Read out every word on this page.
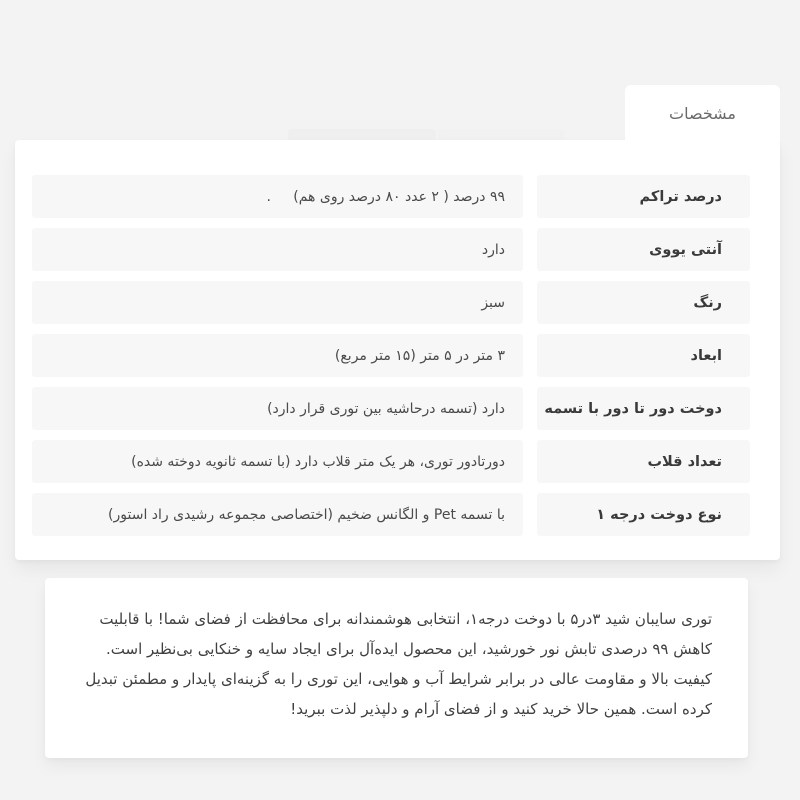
مشخصات
درصد تراکم
۹۹ درصد ( ۲ عدد ۸۰ درصد روی هم)     .
آنتی یووی
دارد
رنگ
سبز
ابعاد
۳ متر در ۵ متر (۱۵ متر مربع)
دوخت دور تا دور با تسمه
دارد (تسمه درحاشیه بین توری قرار دارد)
تعداد قلاب
دورتادور توری، هر یک متر قلاب دارد (با تسمه ثانویه دوخته شده)
نوع دوخت درجه ۱
با تسمه Pet و الگانس ضخیم (اختصاصی مجموعه رشیدی راد استور)

توری سایبان شید ۳در۵ با دوخت درجه۱، انتخابی هوشمندانه برای محافظت از فضای شما! با قابلیت کاهش ۹۹ درصدی تابش نور خورشید، این محصول ایده‌آل برای ایجاد سایه و خنکایی بی‌نظیر است. کیفیت بالا و مقاومت عالی در برابر شرایط آب و هوایی، این توری را به گزینه‌ای پایدار و مطمئن تبدیل کرده است. همین حالا خرید کنید و از فضای آرام و دلپذیر لذت ببرید!
